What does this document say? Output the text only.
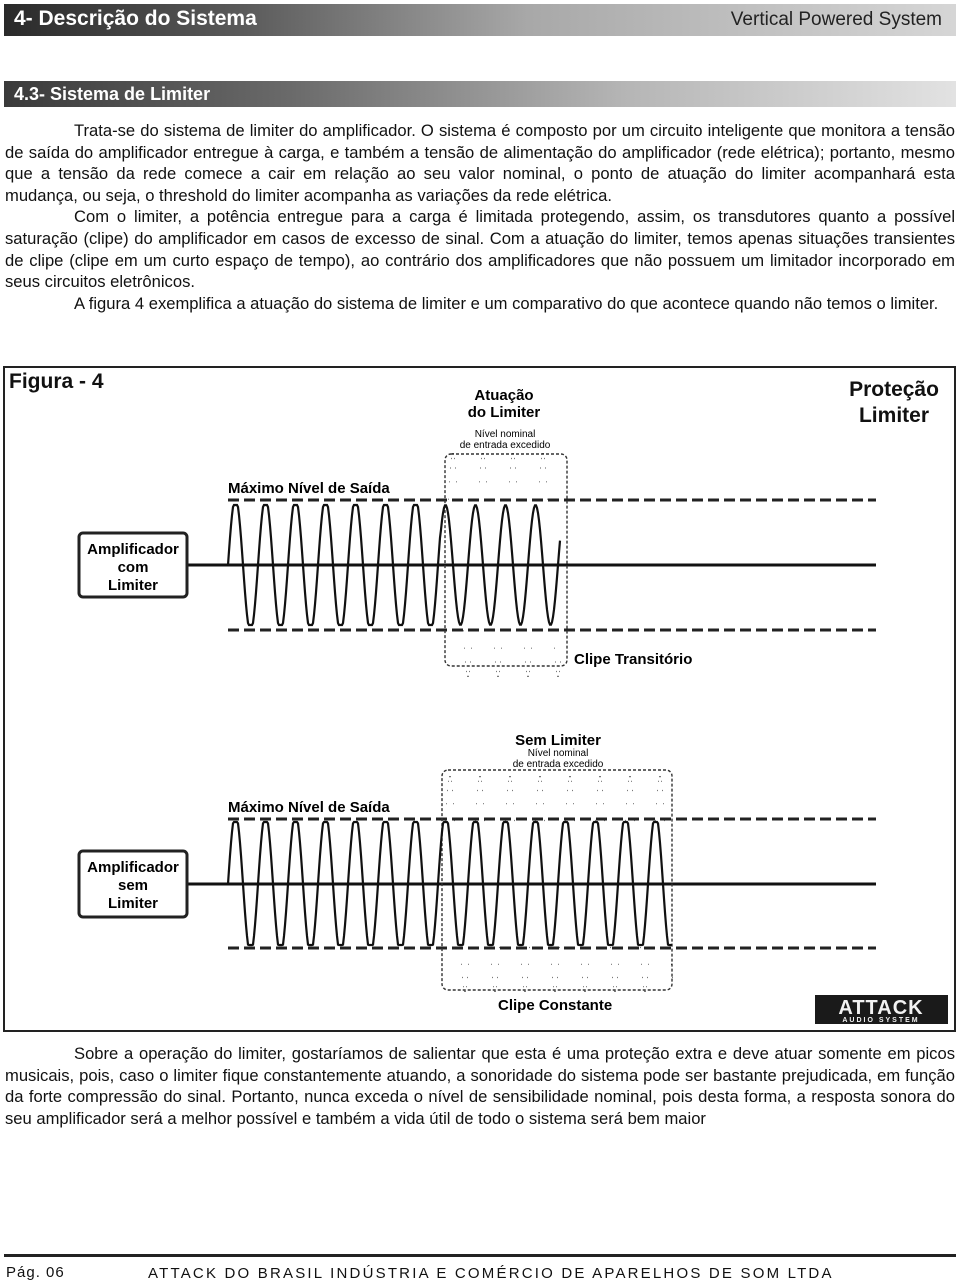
4- Descrição do Sistema	Vertical Powered System
4.3- Sistema de Limiter

Trata-se do sistema de limiter do amplificador. O sistema é composto por um circuito inteligente que monitora a tensão de saída do amplificador entregue à carga, e também a tensão de alimentação do amplificador (rede elétrica); portanto, mesmo que a tensão da rede comece a cair em relação ao seu valor nominal, o ponto de atuação do limiter acompanhará esta mudança, ou seja, o threshold do limiter acompanha as variações da rede elétrica.

Com o limiter, a potência entregue para a carga é limitada protegendo, assim, os transdutores quanto a possível saturação (clipe) do amplificador em casos de excesso de sinal. Com a atuação do limiter, temos apenas situações transientes de clipe (clipe em um curto espaço de tempo), ao contrário dos amplificadores que não possuem um limitador incorporado em seus circuitos eletrônicos.

A figura 4 exemplifica a atuação do sistema de limiter e um comparativo do que acontece quando não temos o limiter.

Figura - 4	Proteção
Limiter
Atuação
do Limiter
Nível nominal
de entrada excedido
Máximo Nível de Saída
Amplificador
com
Limiter
Clipe Transitório
Sem Limiter
Nível nominal
de entrada excedido
Máximo Nível de Saída
Amplificador
sem
Limiter
Clipe Constante	ATTACK
AUDIO SYSTEM

Sobre a operação do limiter, gostaríamos de salientar que esta é uma proteção extra e deve atuar somente em picos musicais, pois, caso o limiter fique constantemente atuando, a sonoridade do sistema pode ser bastante prejudicada, em função da forte compressão do sinal. Portanto, nunca exceda o nível de sensibilidade nominal, pois desta forma, a resposta sonora do seu amplificador será a melhor possível e também a vida útil de todo o sistema será bem maior

Pág. 06	ATTACK DO BRASIL INDÚSTRIA E COMÉRCIO DE APARELHOS DE SOM LTDA
